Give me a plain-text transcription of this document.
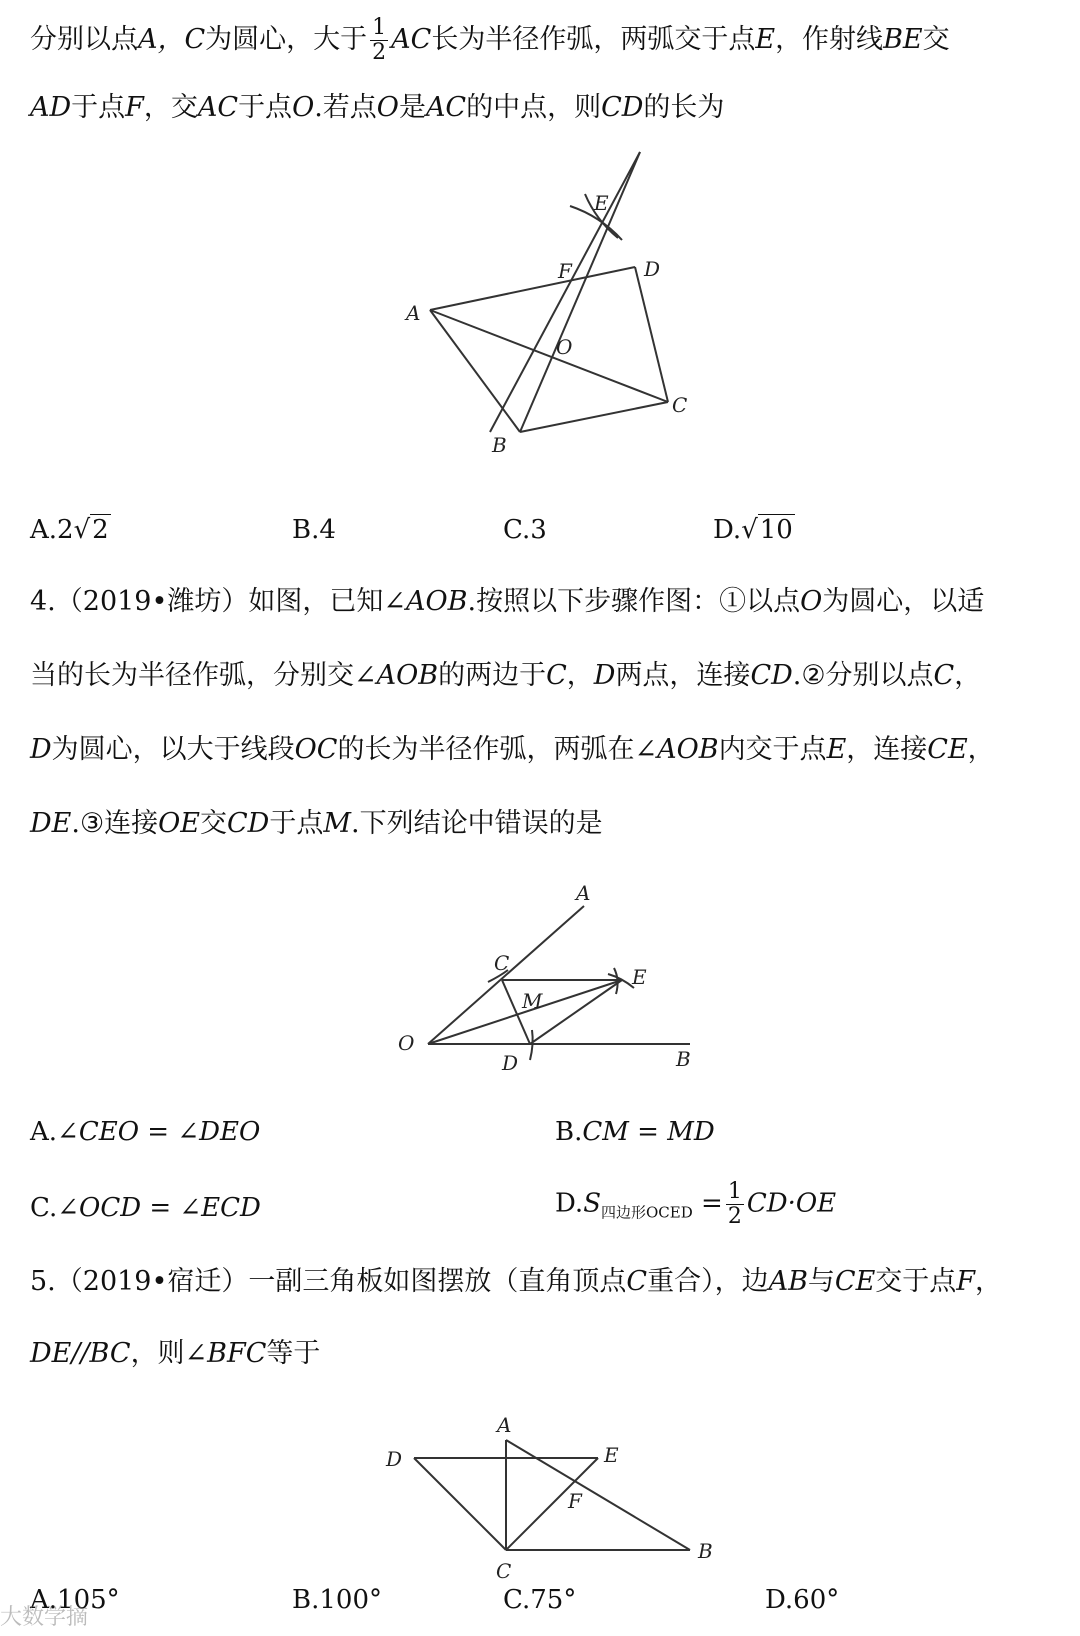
分别以点A，C为圆心，大于 $\frac{1}{2}$ AC长为半径作弧，两弧交于点E，作射线BE交
AD于点F，交AC于点O.若点O是AC的中点，则CD的长为
E
F	D
A
O
C
B
A.2√2	B.4	C.3	D.√10
4.（2019•潍坊）如图，已知∠AOB.按照以下步骤作图：①以点O为圆心，以适
当的长为半径作弧，分别交∠AOB的两边于C，D两点，连接CD.②分别以点C，
D为圆心，以大于线段OC的长为半径作弧，两弧在∠AOB内交于点E，连接CE，
DE.③连接OE交CD于点M.下列结论中错误的是
A
C
E
M
O
D	B
A.∠CEO = ∠DEO	B.CM = MD
C.∠OCD = ∠ECD	$D.S_{四边形OCED} = \frac{1}{2} CD\cdot OE$
5.（2019•宿迁）一副三角板如图摆放（直角顶点C重合），边AB与CE交于点F，
DE//BC，则∠BFC等于
A
D	E
F
C
B
A.105°	B.100°	C.75°	D.60°
大数学摘
